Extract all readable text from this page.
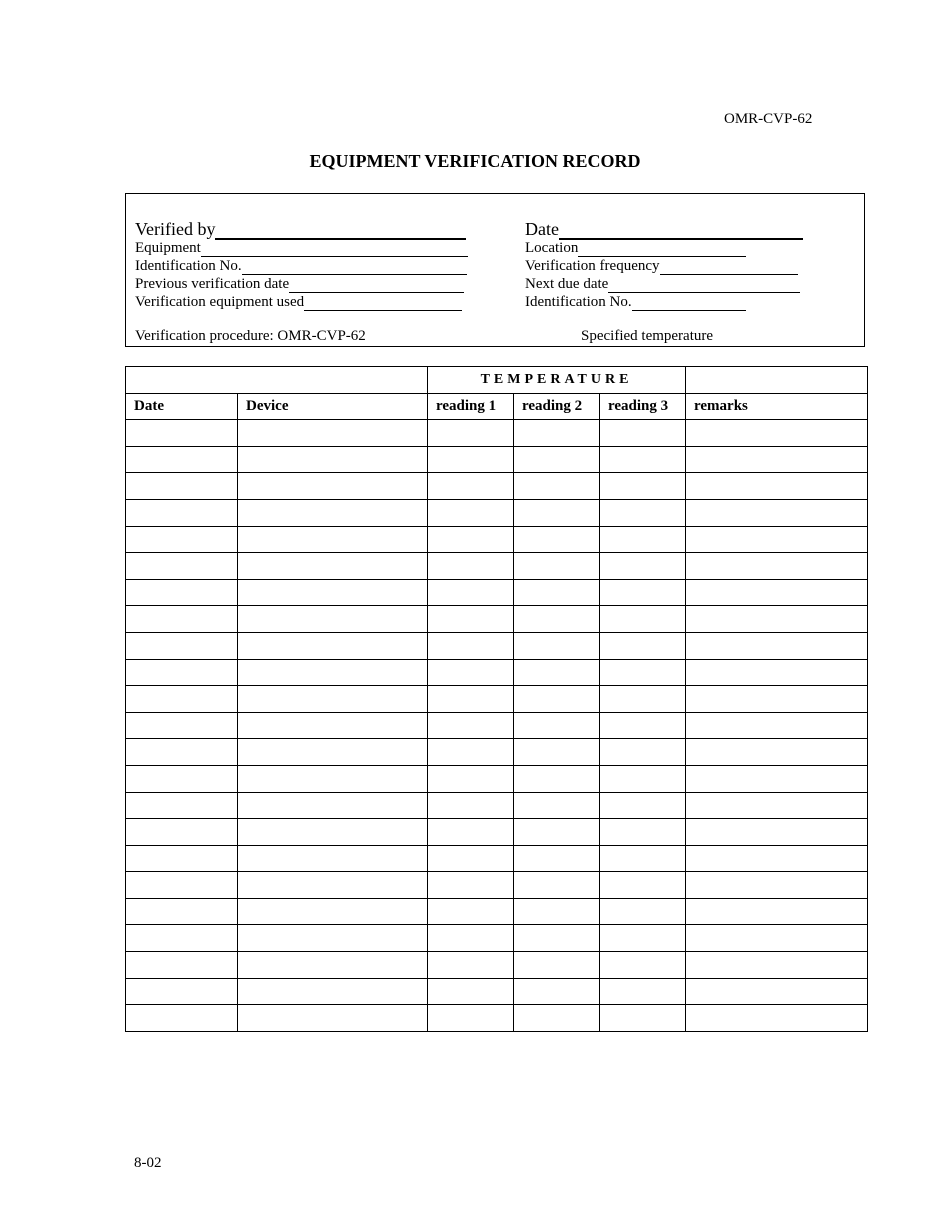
OMR-CVP-62
EQUIPMENT VERIFICATION RECORD
Verified by	Date
Equipment	Location
Identification No.	Verification frequency
Previous verification date	Next due date
Verification equipment used	Identification No.
Verification procedure: OMR-CVP-62	Specified temperature
		TEMPERATURE			
Date	Device	reading 1	reading 2	reading 3	remarks

8-02
